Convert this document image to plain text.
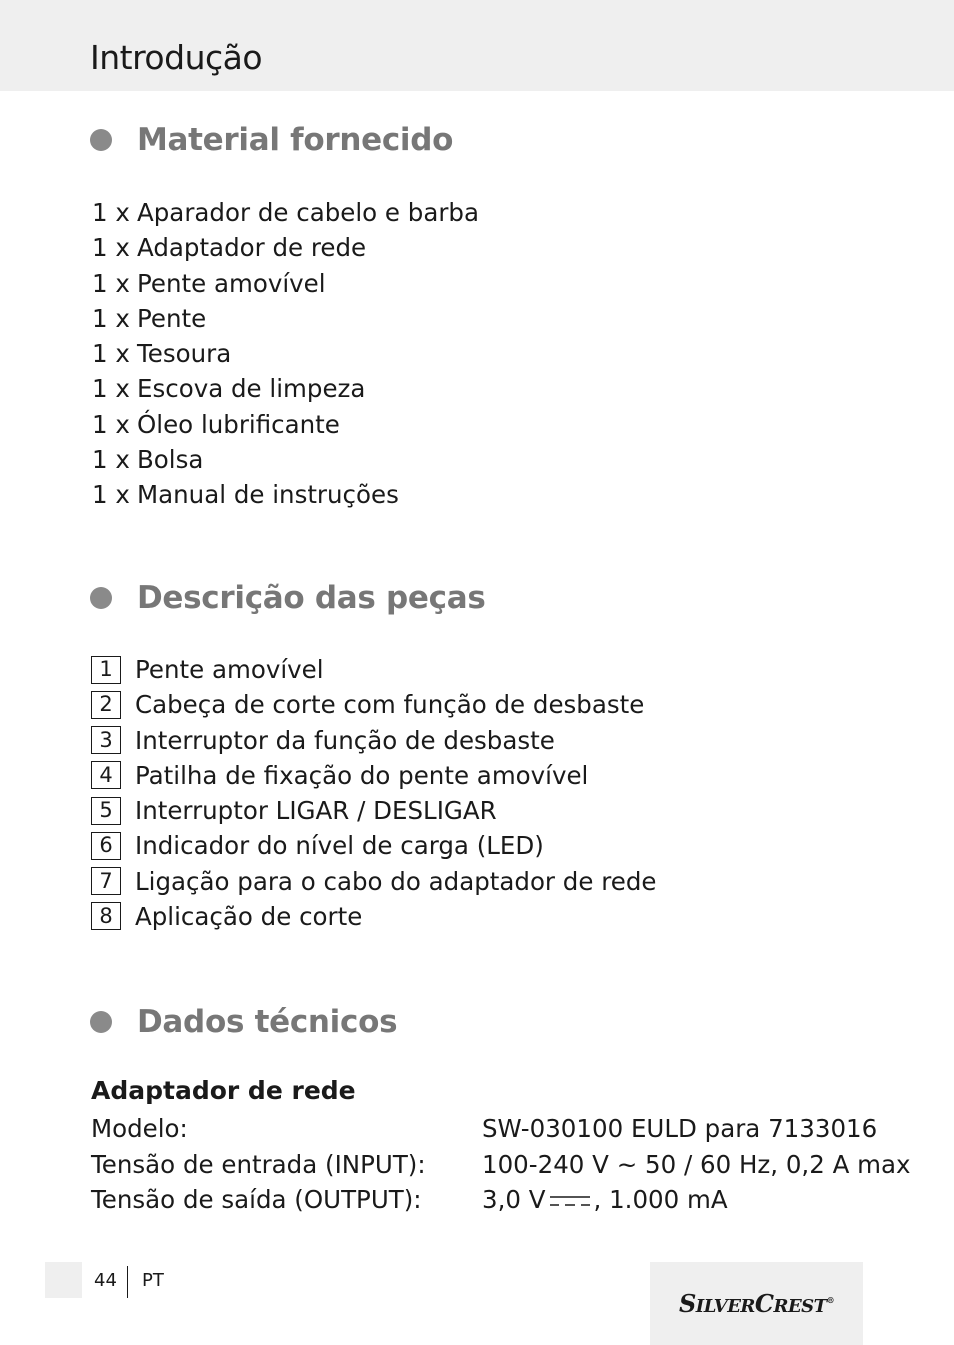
Introdução
Material fornecido
1 x Aparador de cabelo e barba
1 x Adaptador de rede
1 x Pente amovível
1 x Pente
1 x Tesoura
1 x Escova de limpeza
1 x Óleo lubrificante
1 x Bolsa
1 x Manual de instruções
Descrição das peças
1 Pente amovível
2 Cabeça de corte com função de desbaste
3 Interruptor da função de desbaste
4 Patilha de fixação do pente amovível
5 Interruptor LIGAR / DESLIGAR
6 Indicador do nível de carga (LED)
7 Ligação para o cabo do adaptador de rede
8 Aplicação de corte
Dados técnicos
Adaptador de rede
Modelo:	SW-030100 EULD para 7133016
Tensão de entrada (INPUT): 100-240 V ~ 50 / 60 Hz, 0,2 A max
Tensão de saída (OUTPUT): 3,0 V , 1.000 mA
44 PT
SILVERCREST®
